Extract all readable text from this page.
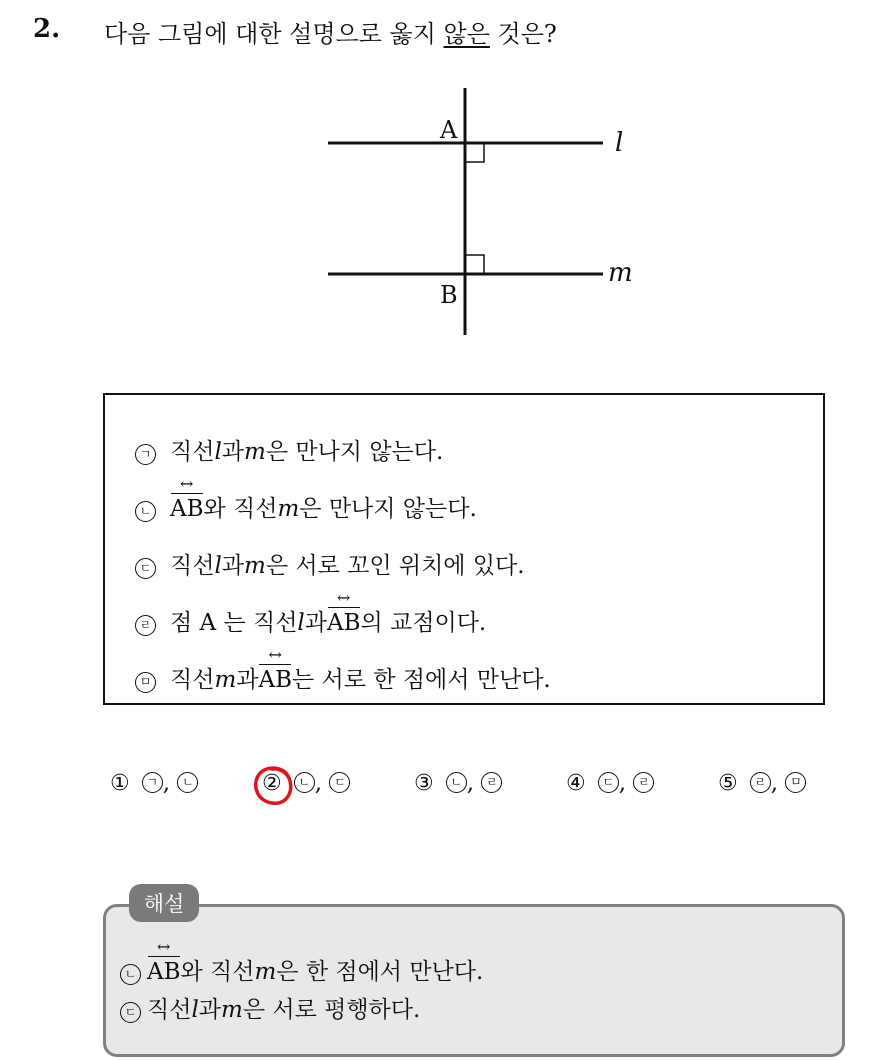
2. 다음 그림에 대한 설명으로 옳지 않은 것은?
A
B
l
m
ㄱ 직선 l 과 m 은 만나지 않는다.
ㄴ AB ↔ 와 직선 m 은 만나지 않는다.
ㄷ 직선 l 과 m 은 서로 꼬인 위치에 있다.
ㄹ 점 A 는 직선 l 과 AB ↔ 의 교점이다.
ㅁ 직선 m 과 AB ↔ 는 서로 한 점에서 만난다.
①	ㄱ , ㄴ	②	ㄴ , ㄷ	③	ㄴ , ㄹ	④	ㄷ , ㄹ	⑤	ㄹ , ㅁ
해설
ㄴ AB ↔ 와 직선 m 은 한 점에서 만난다.
ㄷ 직선 l 과 m 은 서로 평행하다.
